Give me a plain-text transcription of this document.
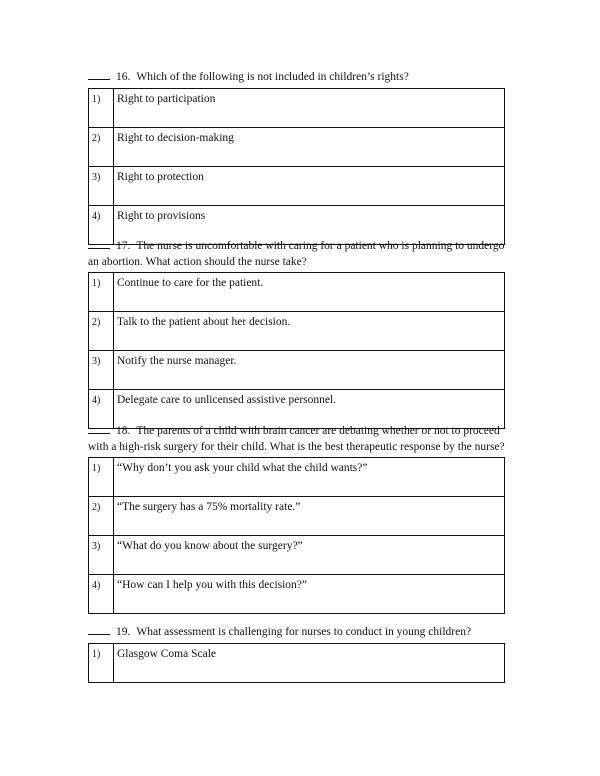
16. Which of the following is not included in children’s rights?

1)	Right to participation
2)	Right to decision-making
3)	Right to protection
4)	Right to provisions

17. The nurse is uncomfortable with caring for a patient who is planning to undergo an abortion. What action should the nurse take?

1)	Continue to care for the patient.
2)	Talk to the patient about her decision.
3)	Notify the nurse manager.
4)	Delegate care to unlicensed assistive personnel.

18. The parents of a child with brain cancer are debating whether or not to proceed with a high-risk surgery for their child. What is the best therapeutic response by the nurse?

1)	“Why don’t you ask your child what the child wants?”
2)	“The surgery has a 75% mortality rate.”
3)	“What do you know about the surgery?”
4)	“How can I help you with this decision?”

19. What assessment is challenging for nurses to conduct in young children?

1)	Glasgow Coma Scale
